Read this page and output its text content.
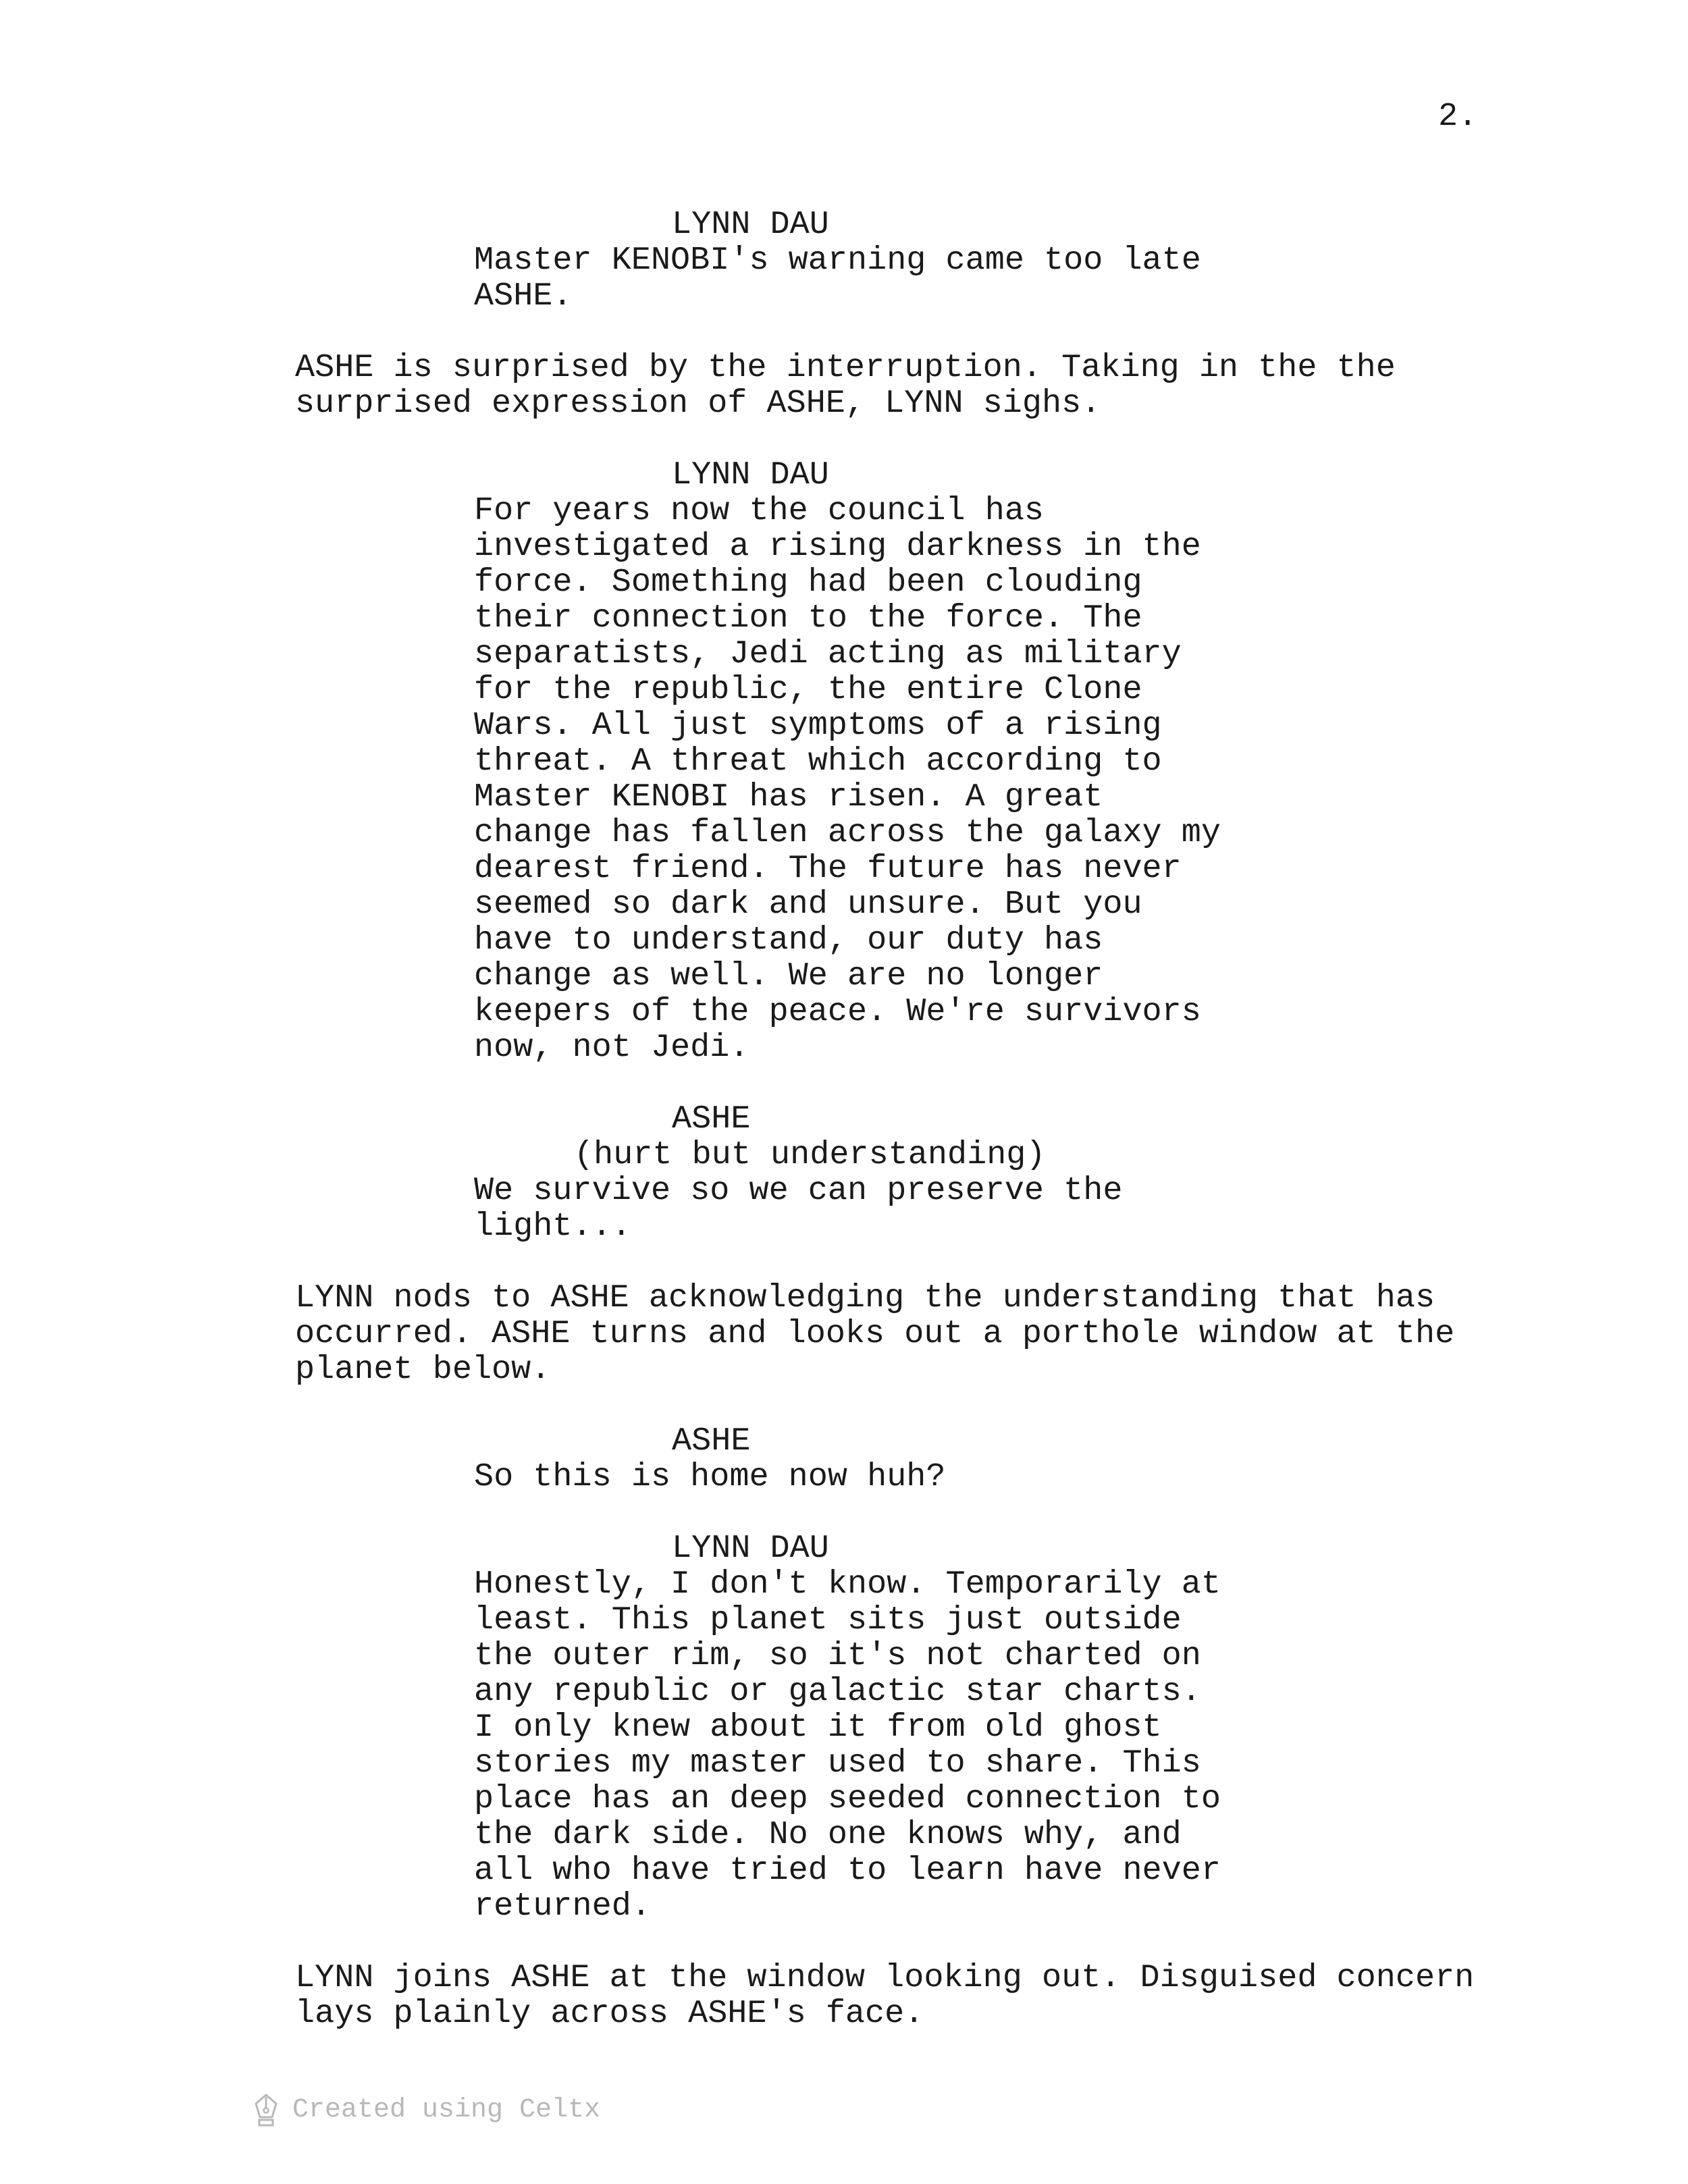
2.
LYNN DAU
Master KENOBI's warning came too late
ASHE.
ASHE is surprised by the interruption. Taking in the the
surprised expression of ASHE, LYNN sighs.
LYNN DAU
For years now the council has
investigated a rising darkness in the
force. Something had been clouding
their connection to the force. The
separatists, Jedi acting as military
for the republic, the entire Clone
Wars. All just symptoms of a rising
threat. A threat which according to
Master KENOBI has risen. A great
change has fallen across the galaxy my
dearest friend. The future has never
seemed so dark and unsure. But you
have to understand, our duty has
change as well. We are no longer
keepers of the peace. We're survivors
now, not Jedi.
ASHE
(hurt but understanding)
We survive so we can preserve the
light...
LYNN nods to ASHE acknowledging the understanding that has
occurred. ASHE turns and looks out a porthole window at the
planet below.
ASHE
So this is home now huh?
LYNN DAU
Honestly, I don't know. Temporarily at
least. This planet sits just outside
the outer rim, so it's not charted on
any republic or galactic star charts.
I only knew about it from old ghost
stories my master used to share. This
place has an deep seeded connection to
the dark side. No one knows why, and
all who have tried to learn have never
returned.
LYNN joins ASHE at the window looking out. Disguised concern
lays plainly across ASHE's face.
Created using Celtx
